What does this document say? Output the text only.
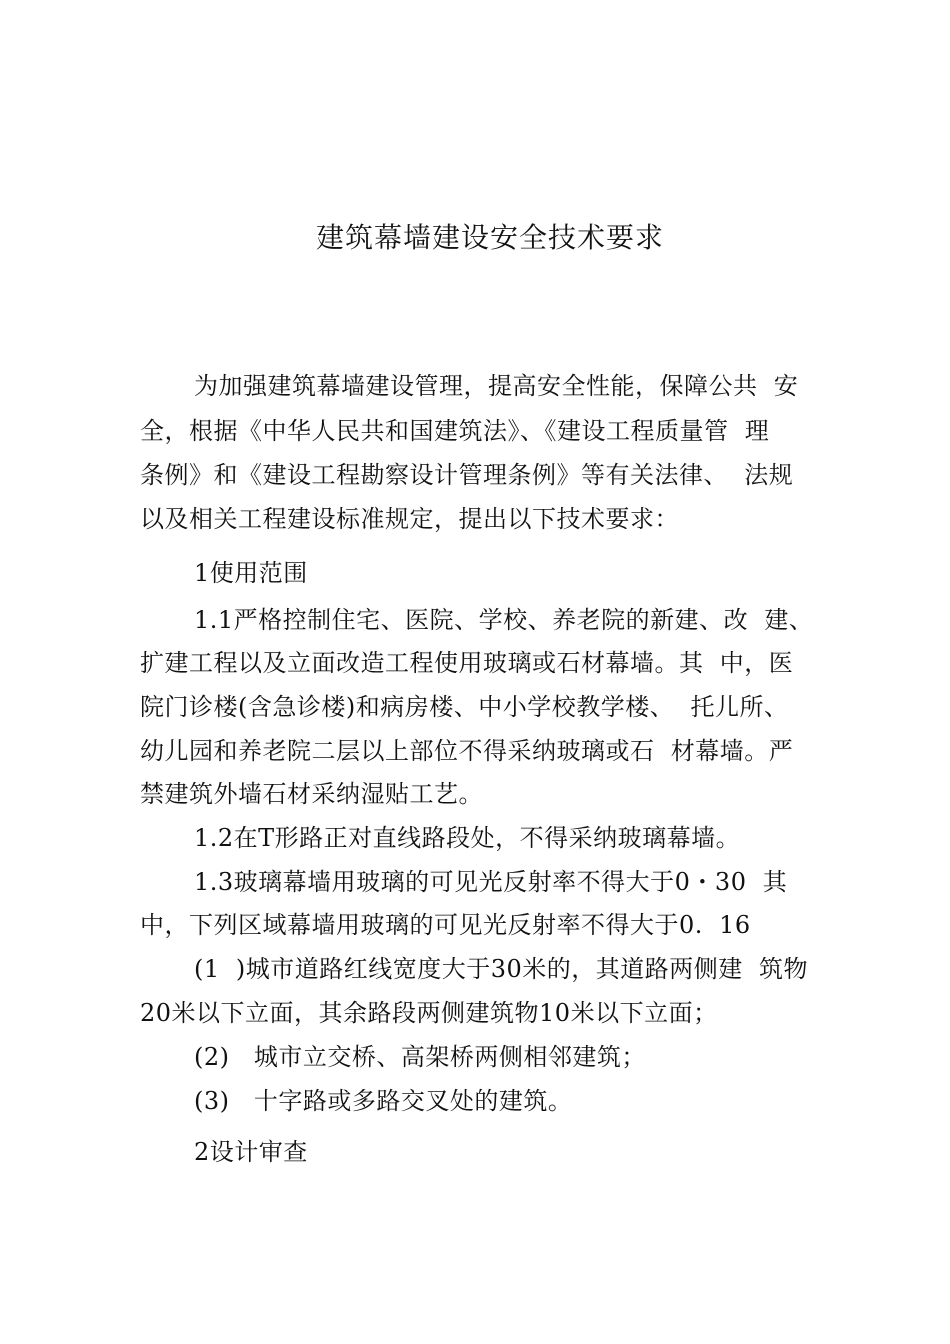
建筑幕墙建设安全技术要求
为加强建筑幕墙建设管理，提高安全性能，保障公共  安
全，根据《中华人民共和国建筑法》、《建设工程质量管  理
条例》和《建设工程勘察设计管理条例》等有关法律、  法规
以及相关工程建设标准规定，提出以下技术要求：
1使用范围
1.1严格控制住宅、医院、学校、养老院的新建、改  建、
扩建工程以及立面改造工程使用玻璃或石材幕墙。其  中，医
院门诊楼(含急诊楼)和病房楼、中小学校教学楼、  托儿所、
幼儿园和养老院二层以上部位不得采纳玻璃或石  材幕墙。严
禁建筑外墙石材采纳湿贴工艺。
1.2在T形路正对直线路段处，不得采纳玻璃幕墙。
1.3玻璃幕墙用玻璃的可见光反射率不得大于0・30  其
中，下列区域幕墙用玻璃的可见光反射率不得大于0.  16
(1  )城市道路红线宽度大于30米的，其道路两侧建  筑物
20米以下立面，其余路段两侧建筑物10米以下立面；
(2)   城市立交桥、高架桥两侧相邻建筑；
(3)   十字路或多路交叉处的建筑。
2设计审查
